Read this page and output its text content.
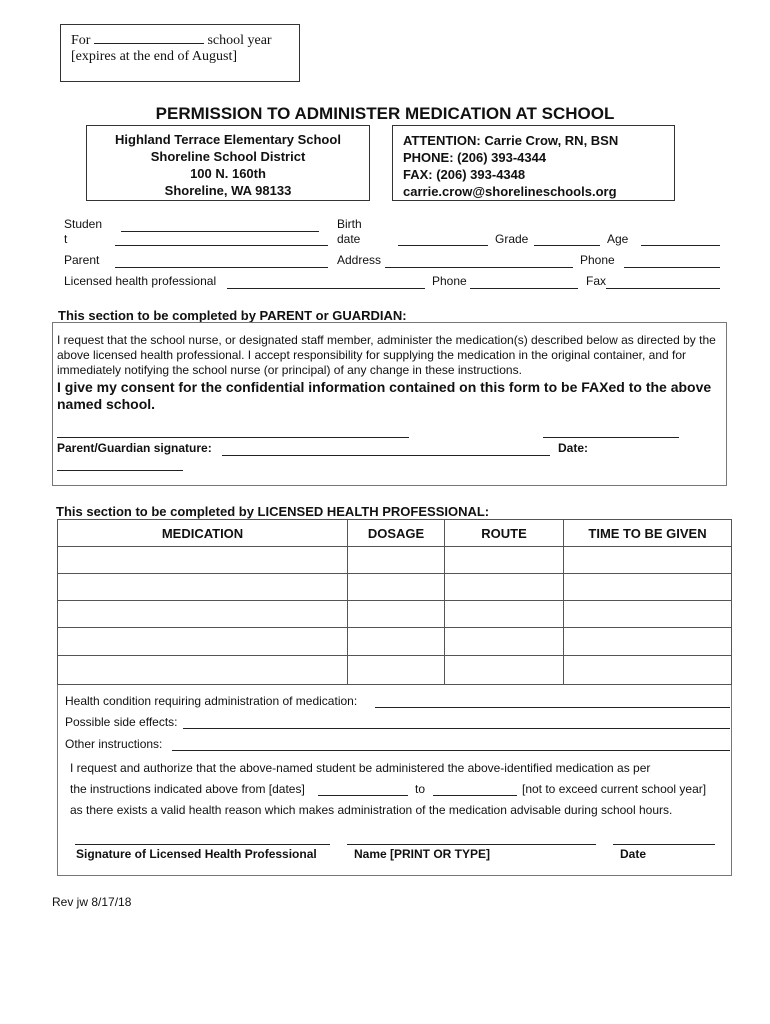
For	school year
[expires at the end of August]
PERMISSION TO ADMINISTER MEDICATION AT SCHOOL
Highland Terrace Elementary School
Shoreline School District
100 N. 160th
Shoreline, WA 98133
ATTENTION: Carrie Crow, RN, BSN
PHONE: (206) 393-4344
FAX: (206) 393-4348
carrie.crow@shorelineschools.org
Studen
t
Birth
date	Grade	Age
Parent	Address	Phone
Licensed health professional	Phone	Fax
This section to be completed by PARENT or GUARDIAN:
I request that the school nurse, or designated staff member, administer the medication(s) described below as directed by the above licensed health professional. I accept responsibility for supplying the medication in the original container, and for immediately notifying the school nurse (or principal) of any change in these instructions.
I give my consent for the confidential information contained on this form to be FAXed to the above named school.
Parent/Guardian signature:	Date:
This section to be completed by LICENSED HEALTH PROFESSIONAL:
MEDICATION	DOSAGE	ROUTE	TIME TO BE GIVEN

Health condition requiring administration of medication:
Possible side effects:
Other instructions:
I request and authorize that the above-named student be administered the above-identified medication as per
the instructions indicated above from [dates]	to	[not to exceed current school year]
as there exists a valid health reason which makes administration of the medication advisable during school hours.
Signature of Licensed Health Professional	Name [PRINT OR TYPE]	Date
Rev jw 8/17/18
